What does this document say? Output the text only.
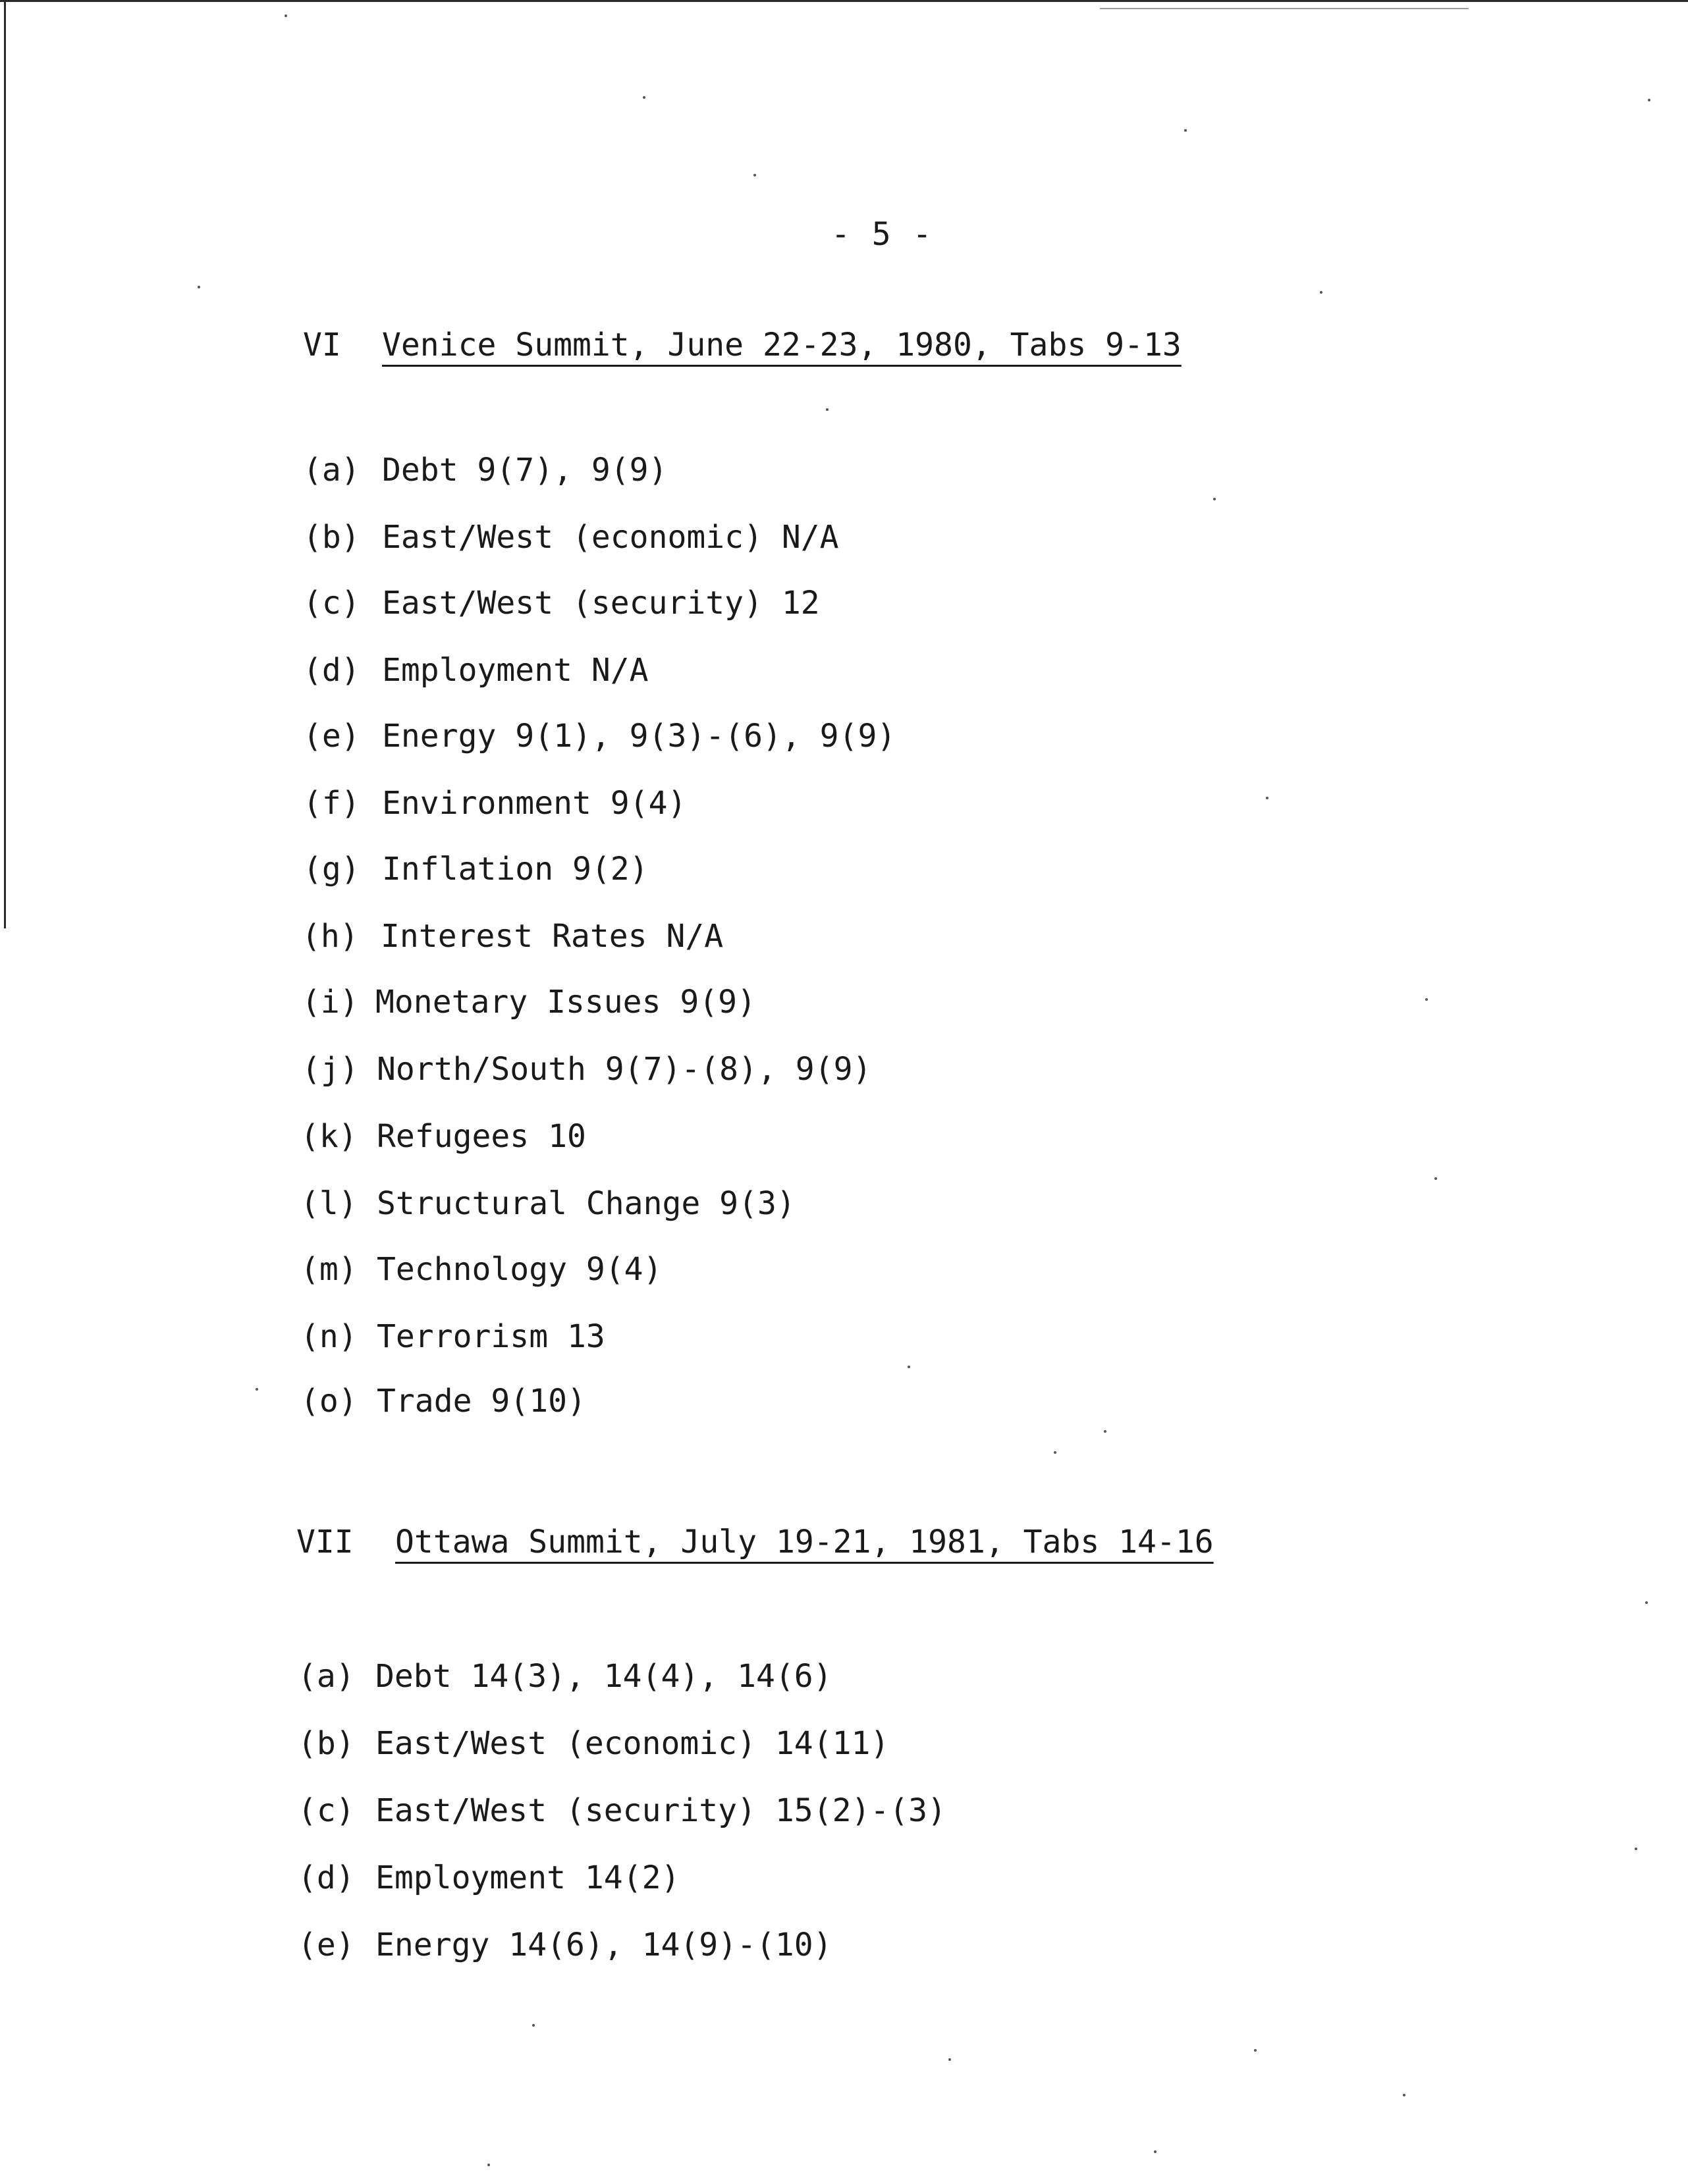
- 5 -

VI

Venice Summit, June 22-23, 1980, Tabs 9-13

(a)

Debt 9(7), 9(9)

(b)

East/West (economic) N/A

(c)

East/West (security) 12

(d)

Employment N/A

(e)

Energy 9(1), 9(3)-(6), 9(9)

(f)

Environment 9(4)

(g)

Inflation 9(2)

(h)

Interest Rates N/A

(i)

Monetary Issues 9(9)

(j)

North/South 9(7)-(8), 9(9)

(k)

Refugees 10

(l)

Structural Change 9(3)

(m)

Technology 9(4)

(n)

Terrorism 13

(o)

Trade 9(10)

VII

Ottawa Summit, July 19-21, 1981, Tabs 14-16

(a)

Debt 14(3), 14(4), 14(6)

(b)

East/West (economic) 14(11)

(c)

East/West (security) 15(2)-(3)

(d)

Employment 14(2)

(e)

Energy 14(6), 14(9)-(10)
